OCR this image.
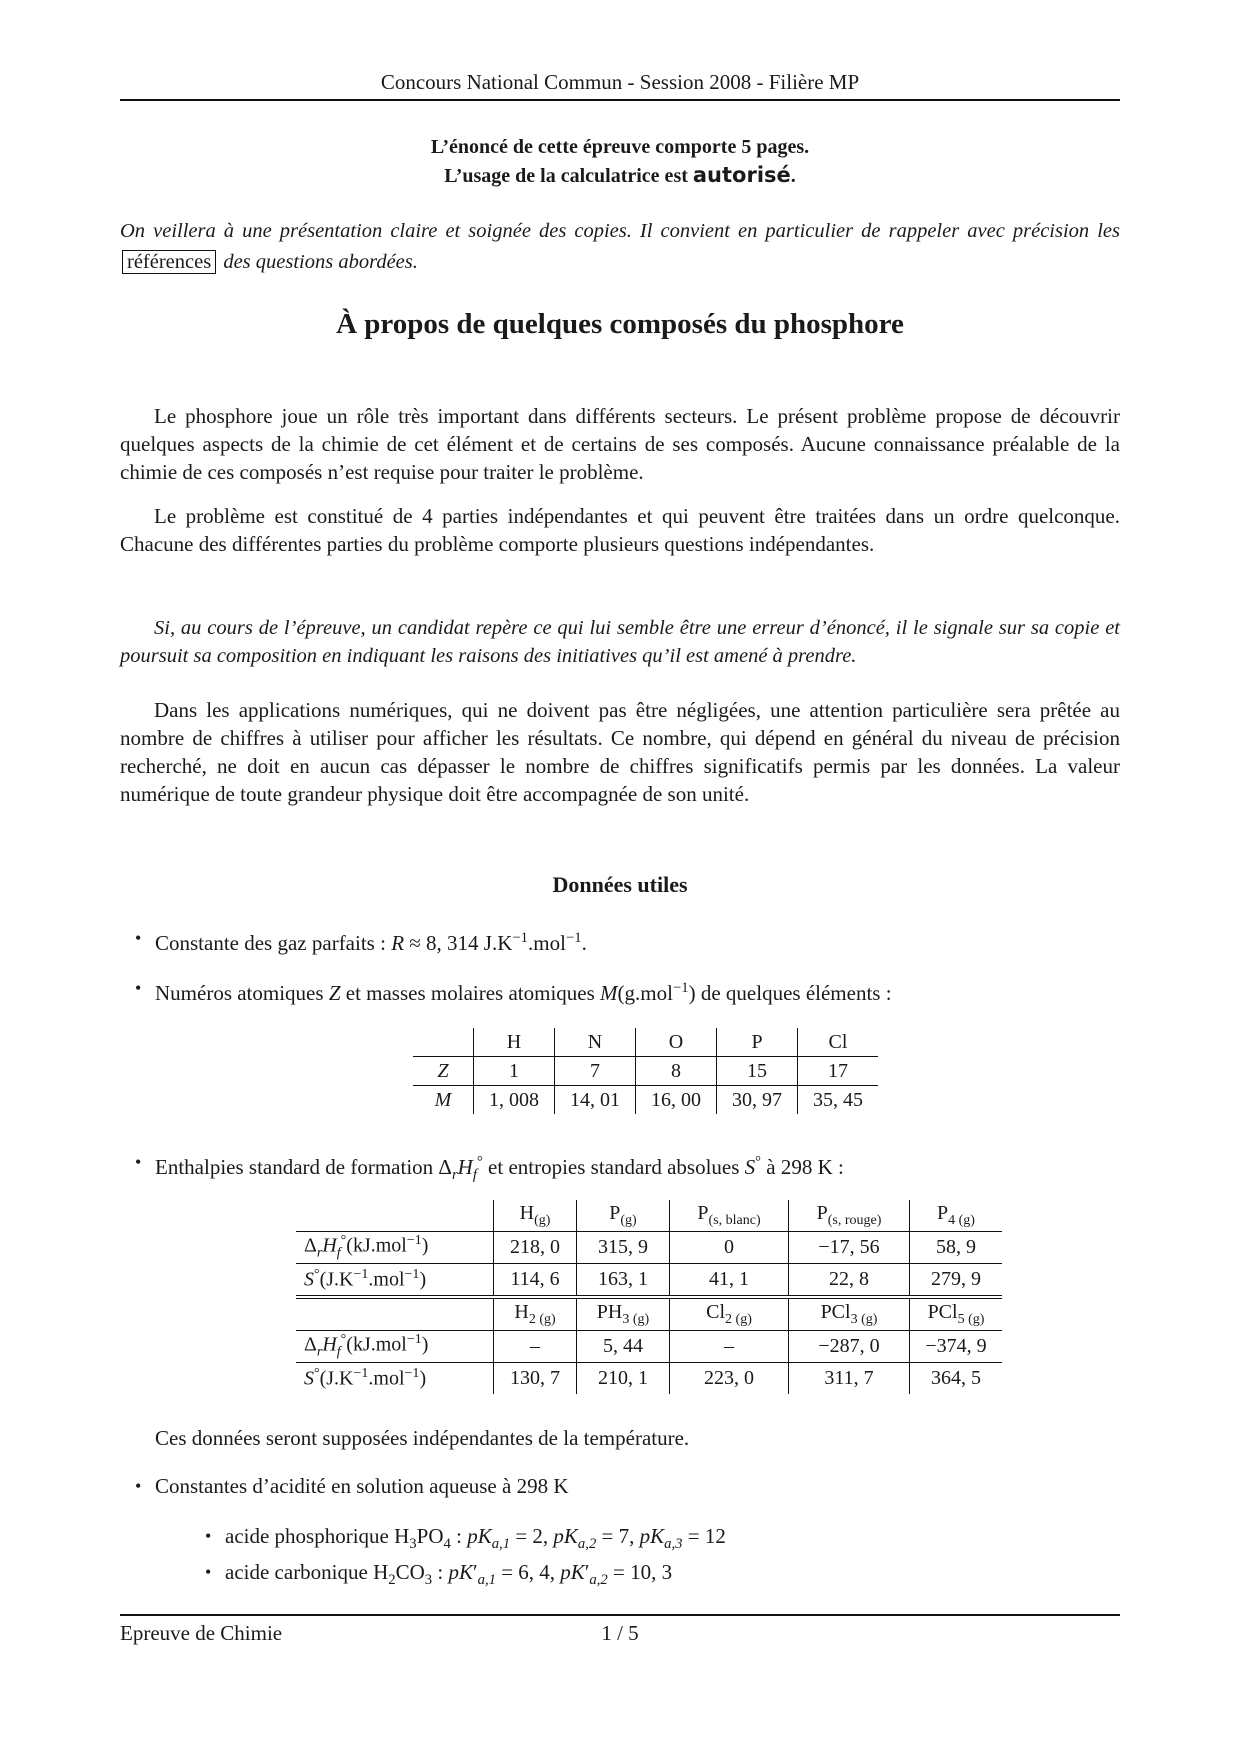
Concours National Commun - Session 2008 - Filière MP
L’énoncé de cette épreuve comporte 5 pages.
L’usage de la calculatrice est autorisé.
On veillera à une présentation claire et soignée des copies. Il convient en particulier de rappeler avec précision les références des questions abordées.
À propos de quelques composés du phosphore
Le phosphore joue un rôle très important dans différents secteurs. Le présent problème propose de découvrir quelques aspects de la chimie de cet élément et de certains de ses composés. Aucune connaissance préalable de la chimie de ces composés n’est requise pour traiter le problème.
Le problème est constitué de 4 parties indépendantes et qui peuvent être traitées dans un ordre quelconque. Chacune des différentes parties du problème comporte plusieurs questions indépendantes.
Si, au cours de l’épreuve, un candidat repère ce qui lui semble être une erreur d’énoncé, il le signale sur sa copie et poursuit sa composition en indiquant les raisons des initiatives qu’il est amené à prendre.
Dans les applications numériques, qui ne doivent pas être négligées, une attention particulière sera prêtée au nombre de chiffres à utiliser pour afficher les résultats. Ce nombre, qui dépend en général du niveau de précision recherché, ne doit en aucun cas dépasser le nombre de chiffres significatifs permis par les données. La valeur numérique de toute grandeur physique doit être accompagnée de son unité.
Données utiles
• Constante des gaz parfaits : R ≈ 8, 314 $J.K^{-1}.mol^{-1}$.
• Numéros atomiques Z et masses molaires atomiques M(g.mol$^{-1}$) de quelques éléments :
	H	N	O	P	Cl
Z	1	7	8	15	17
M	1, 008	14, 01	16, 00	30, 97	35, 45
• Enthalpies standard de formation $\Delta_rH_f^\circ$ et entropies standard absolues S° à 298 K :
	$H_{(g)}$	$P_{(g)}$	$P_{(s, blanc)}$	$P_{(s, rouge)}$	$P_{4 (g)}$
$\Delta_rH_f^\circ(kJ.mol^{-1})$	218, 0	315, 9	0	−17, 56	58, 9
$S^\circ(J.K^{-1}.mol^{-1})$	114, 6	163, 1	41, 1	22, 8	279, 9
	$H_{2 (g)}$	$PH_{3 (g)}$	$Cl_{2 (g)}$	PCl$_{3 (g)}$	PCl$_{5 (g)}$
$\Delta_rH_f^\circ(kJ.mol^{-1})$	–	5, 44	–	−287, 0	−374, 9
$S^\circ(J.K^{-1}.mol^{-1})$	130, 7	210, 1	223, 0	311, 7	364, 5
Ces données seront supposées indépendantes de la température.
• Constantes d’acidité en solution aqueuse à 298 K
• acide phosphorique $H_3PO_4$ : $pK_{a,1} = 2$, $pK_{a,2} = 7$, $pK_{a,3} = 12$
• acide carbonique $H_2CO_3$ : $pK'_{a,1} = 6$, 4, $pK'_{a,2} = 10$, 3
Epreuve de Chimie	1 / 5
